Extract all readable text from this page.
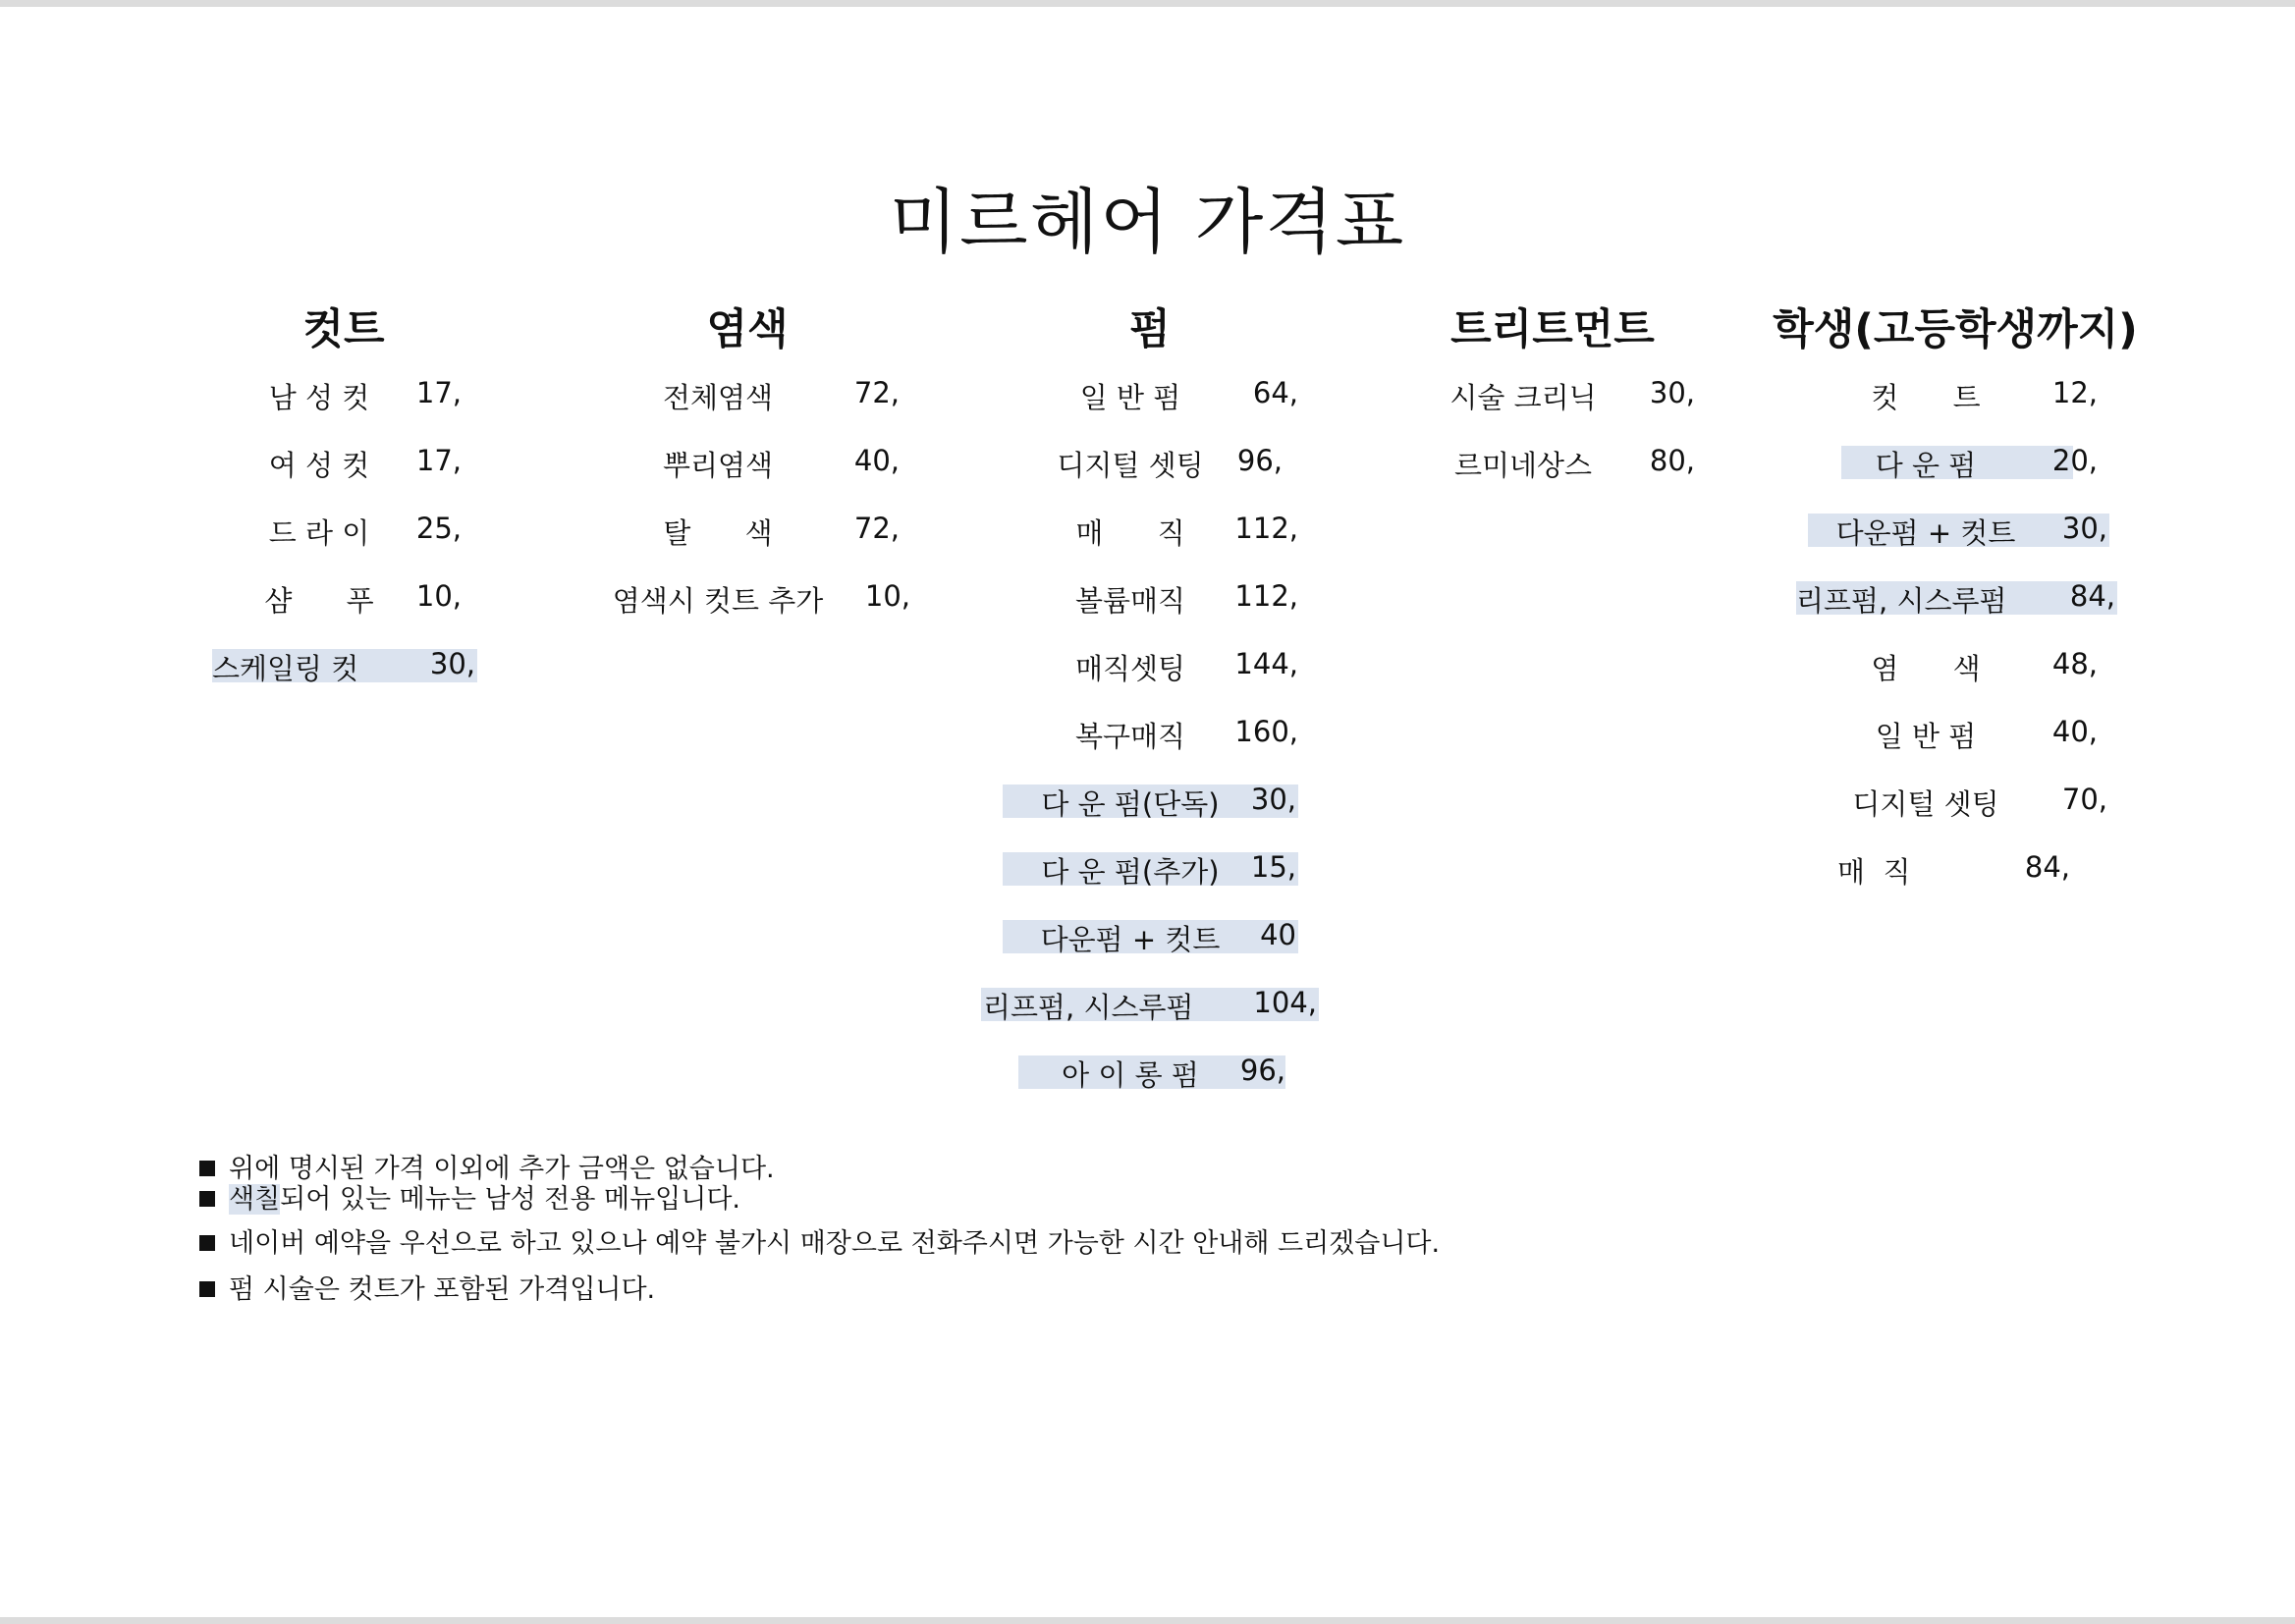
미르헤어 가격표
컷트	염색	펌	트리트먼트	학생(고등학생까지)
남 성 컷	17,
여 성 컷	17,
드 라 이	25,
샴      푸	10,
스케일링 컷	30,
전체염색	72,
뿌리염색	40,
탈      색	72,
염색시 컷트 추가	10,
일 반 펌	64,
디지털 셋팅	96,
매      직	112,
볼륨매직	112,
매직셋팅	144,
복구매직	160,
다 운 펌(단독)	30,
다 운 펌(추가)	15,
다운펌 + 컷트	40
리프펌, 시스루펌	104,
아 이 롱 펌	96,
시술 크리닉	30,
르미네상스	80,
컷      트	12,
다 운 펌	20,
다운펌 + 컷트	30,
리프펌, 시스루펌	84,
염      색	48,
일 반 펌	40,
디지털 셋팅	70,
매  직	84,
위에 명시된 가격 이외에 추가 금액은 없습니다.
색칠되어 있는 메뉴는 남성 전용 메뉴입니다.
네이버 예약을 우선으로 하고 있으나 예약 불가시 매장으로 전화주시면 가능한 시간 안내해 드리겠습니다.
펌 시술은 컷트가 포함된 가격입니다.
